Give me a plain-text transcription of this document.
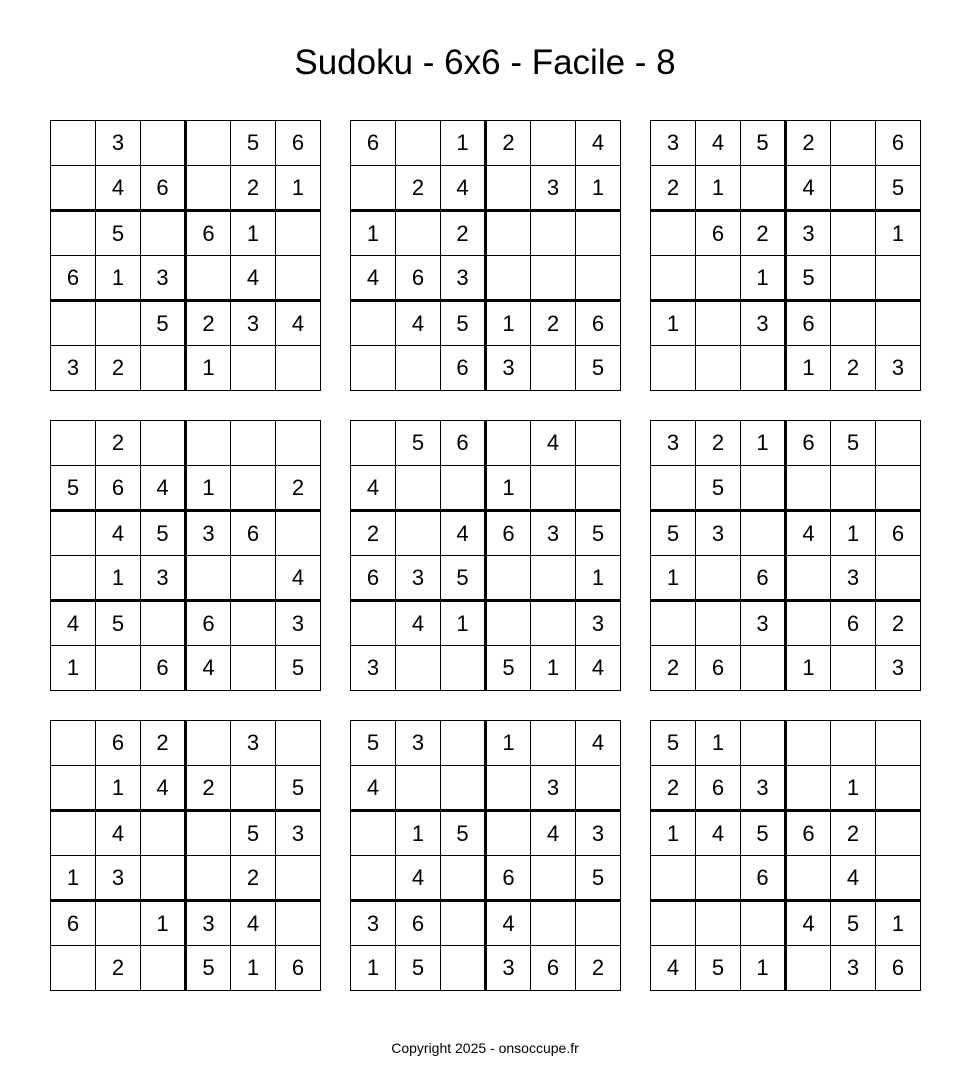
Sudoku - 6x6 - Facile - 8
	3			5	6
	4	6		2	1
	5		6	1	
6	1	3		4	
		5	2	3	4
3	2		1		
6		1	2		4
	2	4		3	1
1		2			
4	6	3			
	4	5	1	2	6
		6	3		5
3	4	5	2		6
2	1		4		5
	6	2	3		1
		1	5		
1		3	6		
			1	2	3
	2				
5	6	4	1		2
	4	5	3	6	
	1	3			4
4	5		6		3
1		6	4		5
	5	6		4	
4			1		
2		4	6	3	5
6	3	5			1
	4	1			3
3			5	1	4
3	2	1	6	5	
	5				
5	3		4	1	6
1		6		3	
		3		6	2
2	6		1		3
	6	2		3	
	1	4	2		5
	4			5	3
1	3			2	
6		1	3	4	
	2		5	1	6
5	3		1		4
4				3	
	1	5		4	3
	4		6		5
3	6		4		
1	5		3	6	2
5	1				
2	6	3		1	
1	4	5	6	2	
		6		4	
			4	5	1
4	5	1		3	6
Copyright 2025 - onsoccupe.fr
